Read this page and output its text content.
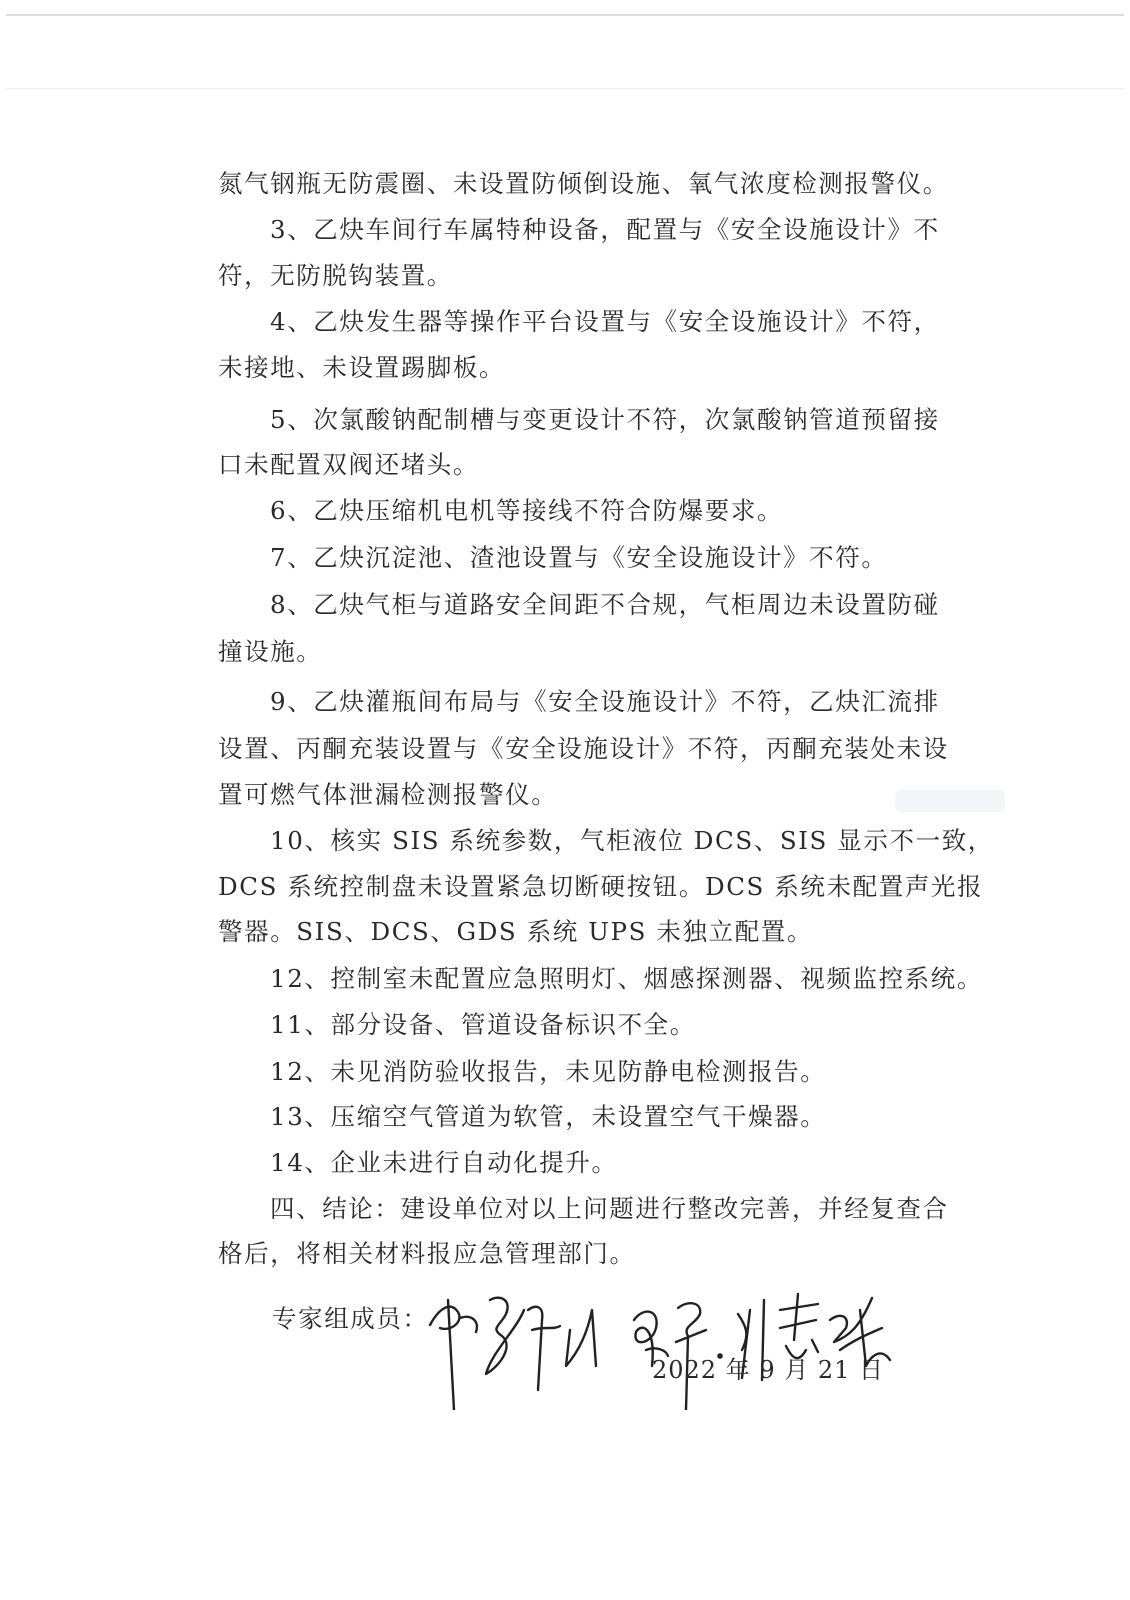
氮气钢瓶无防震圈、未设置防倾倒设施、氧气浓度检测报警仪。
3、乙炔车间行车属特种设备，配置与《安全设施设计》不
符，无防脱钩装置。
4、乙炔发生器等操作平台设置与《安全设施设计》不符，
未接地、未设置踢脚板。
5、次氯酸钠配制槽与变更设计不符，次氯酸钠管道预留接
口未配置双阀还堵头。
6、乙炔压缩机电机等接线不符合防爆要求。
7、乙炔沉淀池、渣池设置与《安全设施设计》不符。
8、乙炔气柜与道路安全间距不合规，气柜周边未设置防碰
撞设施。
9、乙炔灌瓶间布局与《安全设施设计》不符，乙炔汇流排
设置、丙酮充装设置与《安全设施设计》不符，丙酮充装处未设
置可燃气体泄漏检测报警仪。
10、核实 SIS 系统参数，气柜液位 DCS、SIS 显示不一致，
DCS 系统控制盘未设置紧急切断硬按钮。DCS 系统未配置声光报
警器。SIS、DCS、GDS 系统 UPS 未独立配置。
12、控制室未配置应急照明灯、烟感探测器、视频监控系统。
11、部分设备、管道设备标识不全。
12、未见消防验收报告，未见防静电检测报告。
13、压缩空气管道为软管，未设置空气干燥器。
14、企业未进行自动化提升。
四、结论：建设单位对以上问题进行整改完善，并经复查合
格后，将相关材料报应急管理部门。
专家组成员：
2022 年 9 月 21 日
